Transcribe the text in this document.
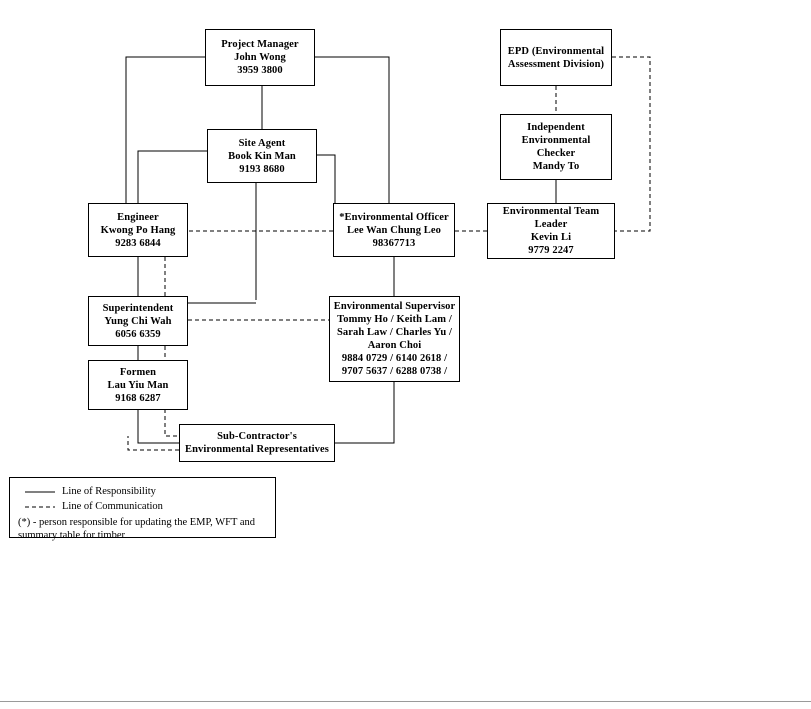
Project Manager
John Wong
3959 3800
EPD (Environmental
Assessment Division)
Site Agent
Book Kin Man
9193 8680
Independent
Environmental
Checker
Mandy To
Engineer
Kwong Po Hang
9283 6844
*Environmental Officer
Lee Wan Chung Leo
98367713
Environmental Team
Leader
Kevin Li
9779 2247
Superintendent
Yung Chi Wah
6056 6359
Environmental Supervisor
Tommy Ho / Keith Lam /
Sarah Law / Charles Yu /
Aaron Choi
9884 0729 / 6140 2618 /
9707 5637 / 6288 0738 /
Formen
Lau Yiu Man
9168 6287
Sub-Contractor's
Environmental Representatives
Line of Responsibility
Line of Communication
(*) - person responsible for updating the EMP, WFT and summary table for timber
